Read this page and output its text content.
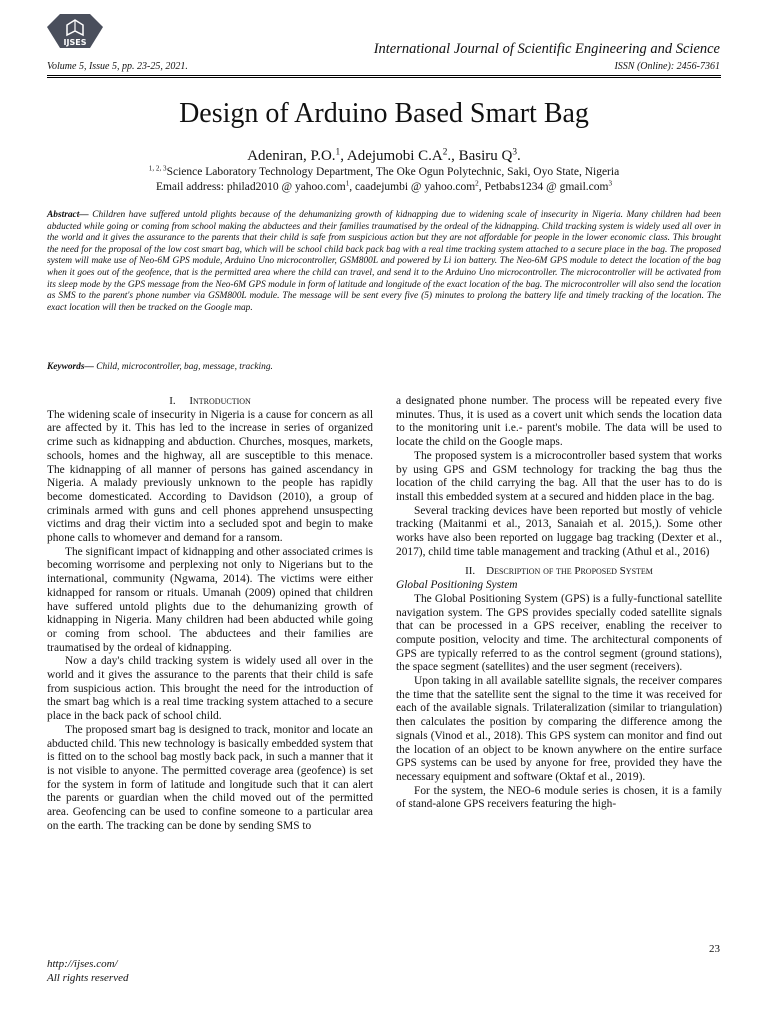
IJSES	International Journal of Scientific Engineering and Science
Volume 5, Issue 5, pp. 23-25, 2021.	ISSN (Online): 2456-7361
Design of Arduino Based Smart Bag
Adeniran, P.O.$^1$, Adejumobi $C.A^2$., Basiru $Q^3$.
$^{1, 2, 3}$Science Laboratory Technology Department, The Oke Ogun Polytechnic, Saki, Oyo State, Nigeria
Email address: philad2010 @ yahoo.com$^1$, caadejumbi @ yahoo.com$^2$, Petbabs1234 @ gmail.com$^3$

Abstract— Children have suffered untold plights because of the dehumanizing growth of kidnapping due to widening scale of insecurity in Nigeria. Many children had been abducted while going or coming from school making the abductees and their families traumatised by the ordeal of the kidnapping. Child tracking system is widely used all over in the world and it gives the assurance to the parents that their child is safe from suspicious action but they are not affordable for people in the lower economic class. This brought the need for the proposal of the low cost smart bag, which will be school child back pack bag with a real time tracking system attached to a secure place in the bag. The proposed system will make use of Neo-6M GPS module, Arduino Uno microcontroller, GSM800L and powered by Li ion battery. The Neo-6M GPS module to detect the location of the bag when it goes out of the geofence, that is the permitted area where the child can travel, and send it to the Arduino Uno microcontroller. The microcontroller will be activated from its sleep mode by the GPS message from the Neo-6M GPS module in form of latitude and longitude of the exact location of the bag. The microcontroller will also send the location as SMS to the parent's phone number via GSM800L module. The message will be sent every five (5) minutes to prolong the battery life and timely tracking of the location. The exact location will then be tracked on the Google map.

Keywords— Child, microcontroller, bag, message, tracking.

I. Introduction

The widening scale of insecurity in Nigeria is a cause for concern as all are affected by it. This has led to the increase in series of organized crime such as kidnapping and abduction. Churches, mosques, markets, schools, homes and the highway, all are susceptible to this menace. The kidnapping of all manner of persons has gained ascendancy in Nigeria. A malady previously unknown to the people has rapidly become domesticated. According to Davidson (2010), a group of criminals armed with guns and cell phones apprehend unsuspecting victims and drag their victim into a secluded spot and begin to make phone calls to whomever and demand for a ransom.

The significant impact of kidnapping and other associated crimes is becoming worrisome and perplexing not only to Nigerians but to the international, community (Ngwama, 2014). The victims were either kidnapped for ransom or rituals. Umanah (2009) opined that children have suffered untold plights due to the dehumanizing growth of kidnapping in Nigeria. Many children had been abducted while going or coming from school. The abductees and their families are traumatised by the ordeal of kidnapping.

Now a day's child tracking system is widely used all over in the world and it gives the assurance to the parents that their child is safe from suspicious action. This brought the need for the introduction of the smart bag which is a real time tracking system attached to a secure place in the back pack of school child.

The proposed smart bag is designed to track, monitor and locate an abducted child. This new technology is basically embedded system that is fitted on to the school bag mostly back pack, in such a manner that it is not visible to anyone. The permitted coverage area (geofence) is set for the system in form of latitude and longitude such that it can alert the parents or guardian when the child moved out of the permitted area. Geofencing can be used to confine someone to a particular area on the earth. The tracking can be done by sending SMS to

a designated phone number. The process will be repeated every five minutes. Thus, it is used as a covert unit which sends the location data to the monitoring unit i.e.- parent's mobile. The data will be used to locate the child on the Google maps.

The proposed system is a microcontroller based system that works by using GPS and GSM technology for tracking the bag thus the location of the child carrying the bag. All that the user has to do is install this embedded system at a secured and hidden place in the bag.

Several tracking devices have been reported but mostly of vehicle tracking (Maitanmi et al., 2013, Sanaiah et al. 2015,). Some other works have also been reported on luggage bag tracking (Dexter et al., 2017), child time table management and tracking (Athul et al., 2016)

II. Description of the Proposed System

Global Positioning System

The Global Positioning System (GPS) is a fully-functional satellite navigation system. The GPS provides specially coded satellite signals that can be processed in a GPS receiver, enabling the receiver to compute position, velocity and time. The architectural components of GPS are typically referred to as the control segment (ground stations), the space segment (satellites) and the user segment (receivers).

Upon taking in all available satellite signals, the receiver compares the time that the satellite sent the signal to the time it was received for each of the available signals. Trilateralization (similar to triangulation) then calculates the position by comparing the difference among the signals (Vinod et al., 2018). This GPS system can monitor and find out the location of an object to be known anywhere on the entire surface GPS systems can be used by anyone for free, provided they have the necessary equipment and software (Oktaf et al., 2019).

For the system, the NEO-6 module series is chosen, it is a family of stand-alone GPS receivers featuring the high-

23
http://ijses.com/
All rights reserved
